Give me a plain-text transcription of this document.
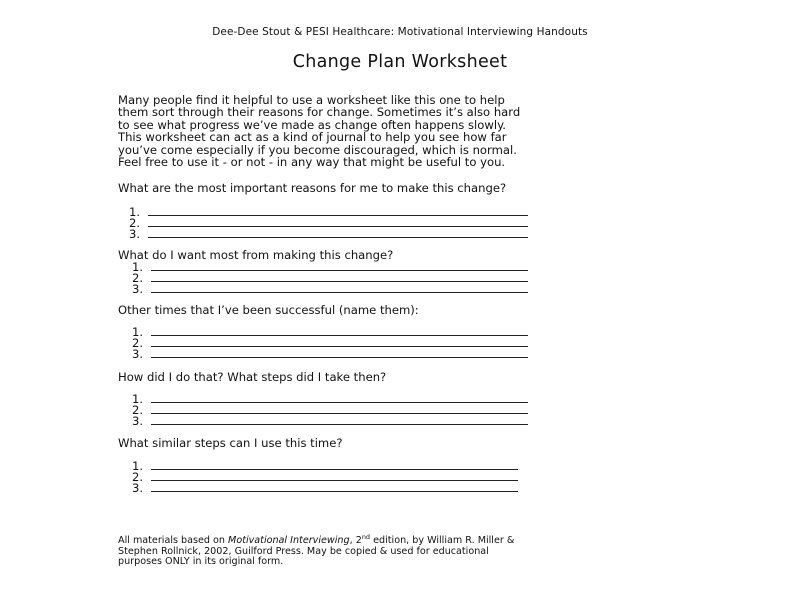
Dee-Dee Stout & PESI Healthcare: Motivational Interviewing Handouts
Change Plan Worksheet
Many people find it helpful to use a worksheet like this one to help
them sort through their reasons for change. Sometimes it’s also hard
to see what progress we’ve made as change often happens slowly.
This worksheet can act as a kind of journal to help you see how far
you’ve come especially if you become discouraged, which is normal.
Feel free to use it - or not - in any way that might be useful to you.
What are the most important reasons for me to make this change?
1.
2.
3.
What do I want most from making this change?
1.
2.
3.
Other times that I’ve been successful (name them):
1.
2.
3.
How did I do that? What steps did I take then?
1.
2.
3.
What similar steps can I use this time?
1.
2.
3.
All materials based on Motivational Interviewing, 2nd edition, by William R. Miller &
Stephen Rollnick, 2002, Guilford Press. May be copied & used for educational
purposes ONLY in its original form.
